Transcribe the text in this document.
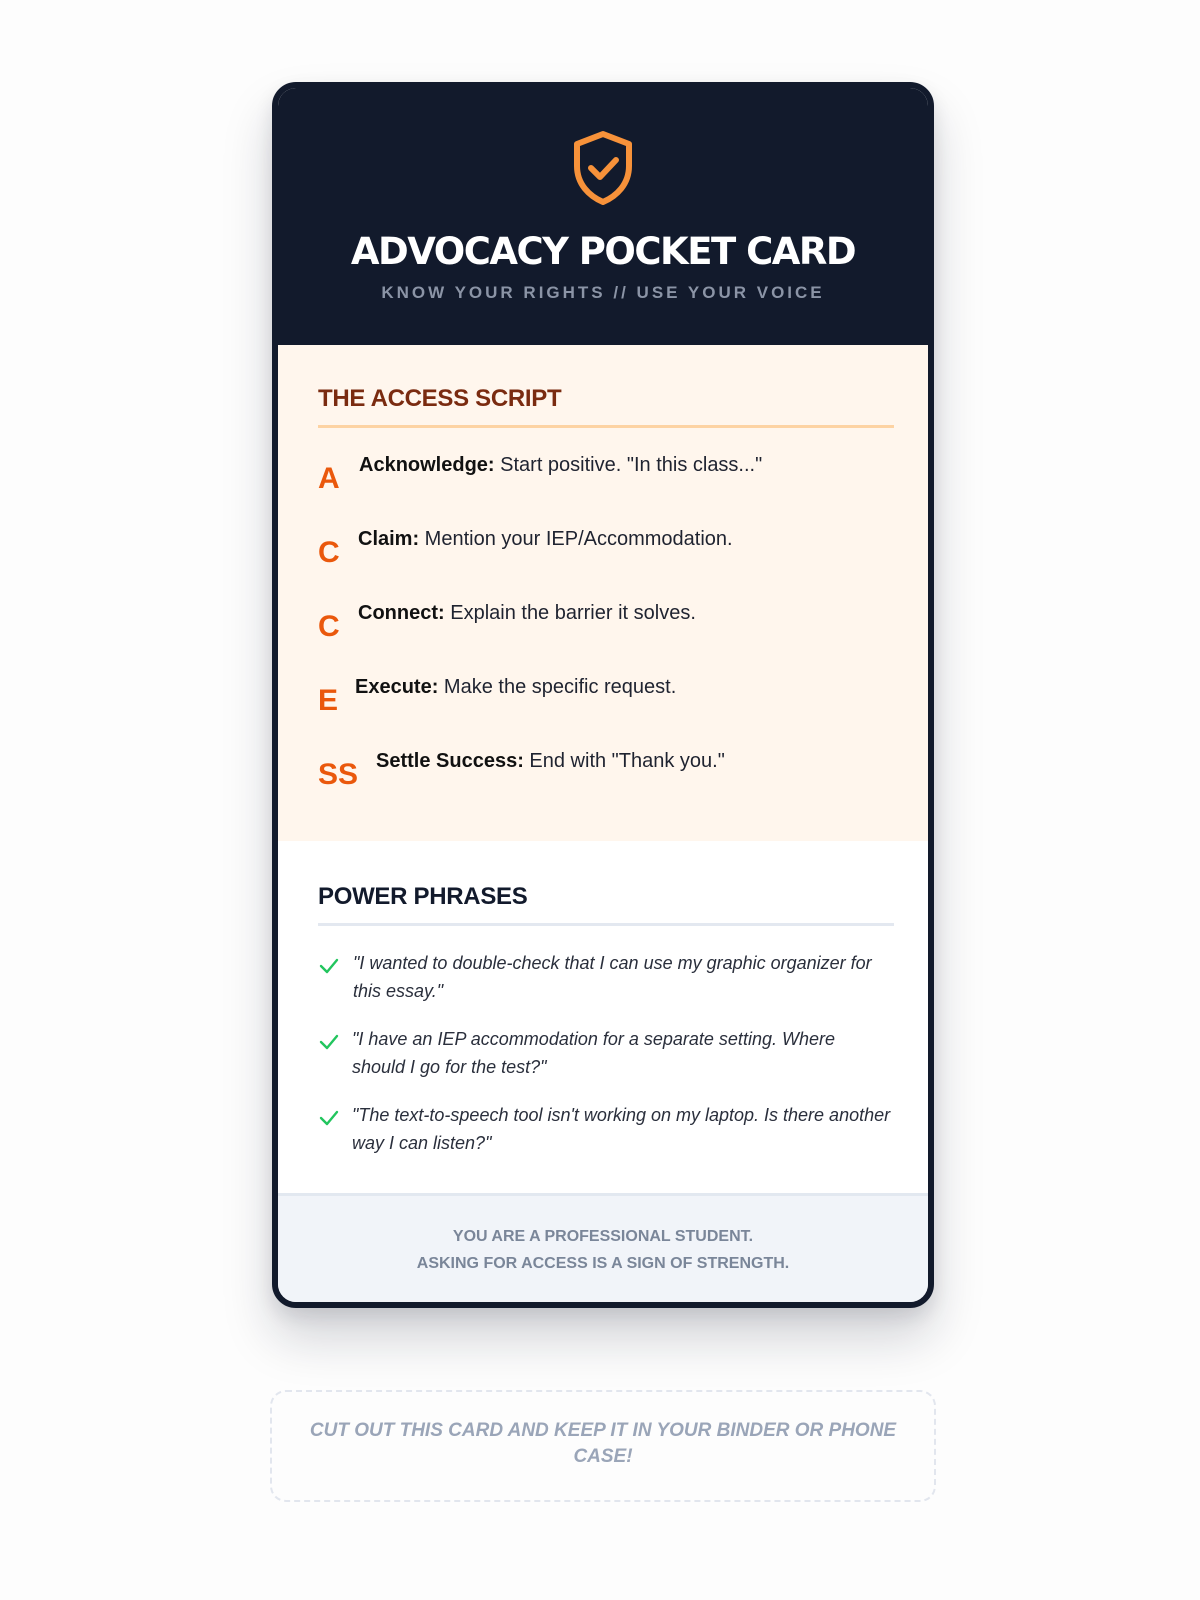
ADVOCACY POCKET CARD
KNOW YOUR RIGHTS // USE YOUR VOICE
THE ACCESS SCRIPT
A Acknowledge: Start positive. "In this class..."
C Claim: Mention your IEP/Accommodation.
C Connect: Explain the barrier it solves.
E Execute: Make the specific request.
SS Settle Success: End with "Thank you."
POWER PHRASES
"I wanted to double-check that I can use my graphic organizer for this essay."
"I have an IEP accommodation for a separate setting. Where should I go for the test?"
"The text-to-speech tool isn't working on my laptop. Is there another way I can listen?"
YOU ARE A PROFESSIONAL STUDENT.
ASKING FOR ACCESS IS A SIGN OF STRENGTH.
CUT OUT THIS CARD AND KEEP IT IN YOUR BINDER OR PHONE CASE!
